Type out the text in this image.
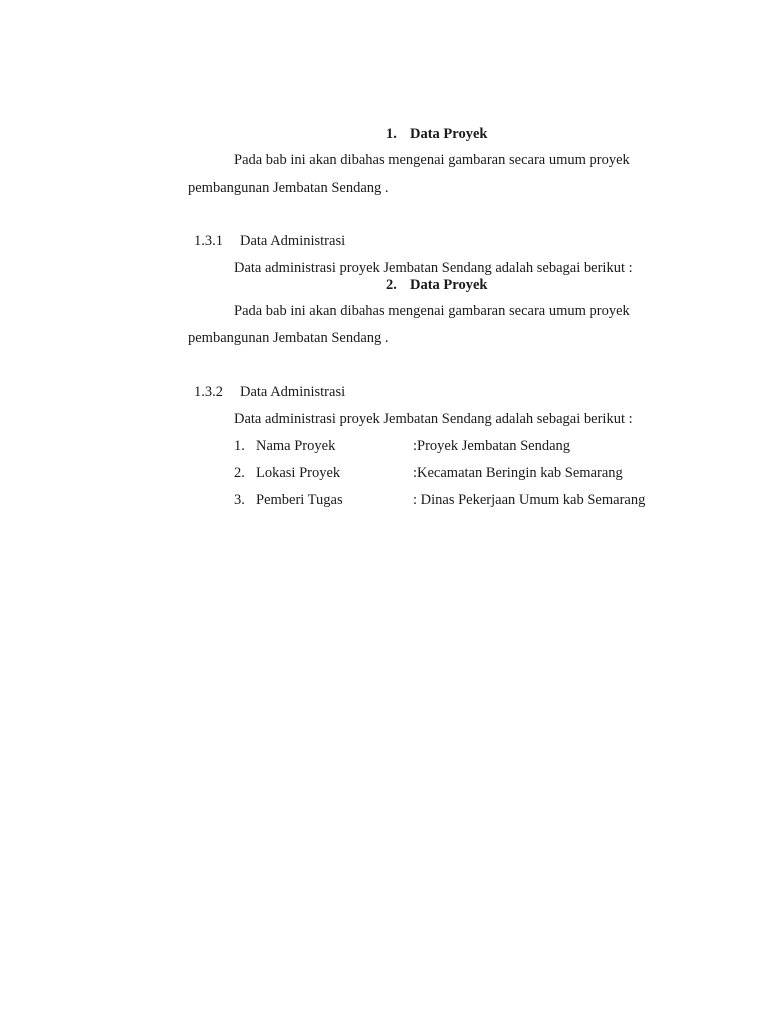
1. Data Proyek
Pada bab ini akan dibahas mengenai gambaran secara umum proyek
pembangunan Jembatan Sendang .
1.3.1 Data Administrasi
Data administrasi proyek Jembatan Sendang adalah sebagai berikut :
2. Data Proyek
Pada bab ini akan dibahas mengenai gambaran secara umum proyek
pembangunan Jembatan Sendang .
1.3.2 Data Administrasi
Data administrasi proyek Jembatan Sendang adalah sebagai berikut :
1. Nama Proyek	:Proyek Jembatan Sendang
2. Lokasi Proyek	:Kecamatan Beringin kab Semarang
3. Pemberi Tugas	: Dinas Pekerjaan Umum kab Semarang
